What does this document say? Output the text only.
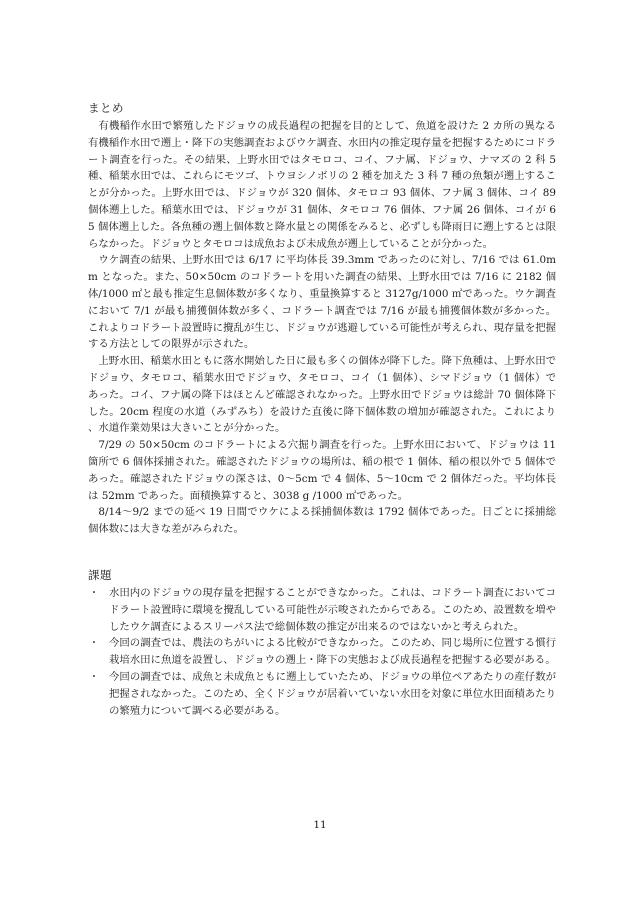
まとめ

有機稲作水田で繁殖したドジョウの成長過程の把握を目的として、魚道を設けた 2 カ所の異なる有機稲作水田で遡上・降下の実態調査およびウケ調査、水田内の推定現存量を把握するためにコドラート調査を行った。その結果、上野水田ではタモロコ、コイ、フナ属、ドジョウ、ナマズの 2 科 5 種、稲葉水田では、これらにモツゴ、トウヨシノボリの 2 種を加えた 3 科 7 種の魚類が遡上することが分かった。上野水田では、ドジョウが 320 個体、タモロコ 93 個体、フナ属 3 個体、コイ 89 個体遡上した。稲葉水田では、ドジョウが 31 個体、タモロコ 76 個体、フナ属 26 個体、コイが 65 個体遡上した。各魚種の遡上個体数と降水量との関係をみると、必ずしも降雨日に遡上するとは限らなかった。ドジョウとタモロコは成魚および未成魚が遡上していることが分かった。

ウケ調査の結果、上野水田では 6/17 に平均体長 39.3mm であったのに対し、7/16 では 61.0mm となった。また、50×50cm のコドラートを用いた調査の結果、上野水田では 7/16 に 2182 個体/1000 ㎡と最も推定生息個体数が多くなり、重量換算すると 3127g/1000 ㎡であった。ウケ調査において 7/1 が最も捕獲個体数が多く、コドラート調査では 7/16 が最も捕獲個体数が多かった。これよりコドラート設置時に攪乱が生じ、ドジョウが逃避している可能性が考えられ、現存量を把握する方法としての限界が示された。

上野水田、稲葉水田ともに落水開始した日に最も多くの個体が降下した。降下魚種は、上野水田でドジョウ、タモロコ、稲葉水田でドジョウ、タモロコ、コイ（1 個体）、シマドジョウ（1 個体）であった。コイ、フナ属の降下はほとんど確認されなかった。上野水田でドジョウは総計 70 個体降下した。20cm 程度の水道（みずみち）を設けた直後に降下個体数の増加が確認された。これにより、水道作業効果は大きいことが分かった。

7/29 の 50×50cm のコドラートによる穴掘り調査を行った。上野水田において、ドジョウは 11 箇所で 6 個体採捕された。確認されたドジョウの場所は、稲の根で 1 個体、稲の根以外で 5 個体であった。確認されたドジョウの深さは、0～5cm で 4 個体、5～10cm で 2 個体だった。平均体長は 52mm であった。面積換算すると、3038 g /1000 ㎡であった。

8/14～9/2 までの延べ 19 日間でウケによる採捕個体数は 1792 個体であった。日ごとに採捕総個体数には大きな差がみられた。

課題
・ 水田内のドジョウの現存量を把握することができなかった。これは、コドラート調査においてコドラート設置時に環境を攪乱している可能性が示唆されたからである。このため、設置数を増やしたウケ調査によるスリーパス法で総個体数の推定が出来るのではないかと考えられた。
・ 今回の調査では、農法のちがいによる比較ができなかった。このため、同じ場所に位置する慣行栽培水田に魚道を設置し、ドジョウの遡上・降下の実態および成長過程を把握する必要がある。
・ 今回の調査では、成魚と未成魚ともに遡上していたため、ドジョウの単位ペアあたりの産仔数が把握されなかった。このため、全くドジョウが居着いていない水田を対象に単位水田面積あたりの繁殖力について調べる必要がある。
11
